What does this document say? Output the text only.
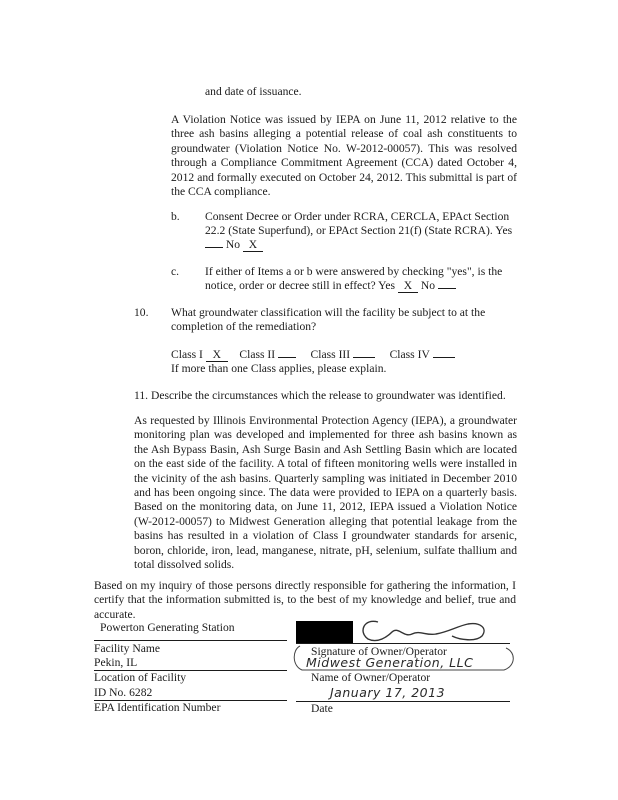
and date of issuance.
A Violation Notice was issued by IEPA on June 11, 2012 relative to the three ash basins alleging a potential release of coal ash constituents to groundwater (Violation Notice No. W-2012-00057). This was resolved through a Compliance Commitment Agreement (CCA) dated October 4, 2012 and formally executed on October 24, 2012. This submittal is part of the CCA compliance.
b. Consent Decree or Order under RCRA, CERCLA, EPAct Section
22.2 (State Superfund), or EPAct Section 21(f) (State RCRA). Yes
No X
c. If either of Items a or b were answered by checking "yes", is the
notice, order or decree still in effect? Yes X No
10. What groundwater classification will the facility be subject to at the
completion of the remediation?
Class I X Class II	Class III	Class IV
If more than one Class applies, please explain.
11. Describe the circumstances which the release to groundwater was identified.
As requested by Illinois Environmental Protection Agency (IEPA), a groundwater monitoring plan was developed and implemented for three ash basins known as the Ash Bypass Basin, Ash Surge Basin and Ash Settling Basin which are located on the east side of the facility. A total of fifteen monitoring wells were installed in the vicinity of the ash basins. Quarterly sampling was initiated in December 2010 and has been ongoing since. The data were provided to IEPA on a quarterly basis. Based on the monitoring data, on June 11, 2012, IEPA issued a Violation Notice (W-2012-00057) to Midwest Generation alleging that potential leakage from the basins has resulted in a violation of Class I groundwater standards for arsenic, boron, chloride, iron, lead, manganese, nitrate, pH, selenium, sulfate thallium and total dissolved solids.
Based on my inquiry of those persons directly responsible for gathering the information, I certify that the information submitted is, to the best of my knowledge and belief, true and accurate.
Powerton Generating Station
Facility Name
Pekin, IL
Location of Facility
ID No. 6282
EPA Identification Number
Signature of Owner/Operator
Midwest Generation, LLC
Name of Owner/Operator
January 17, 2013
Date
